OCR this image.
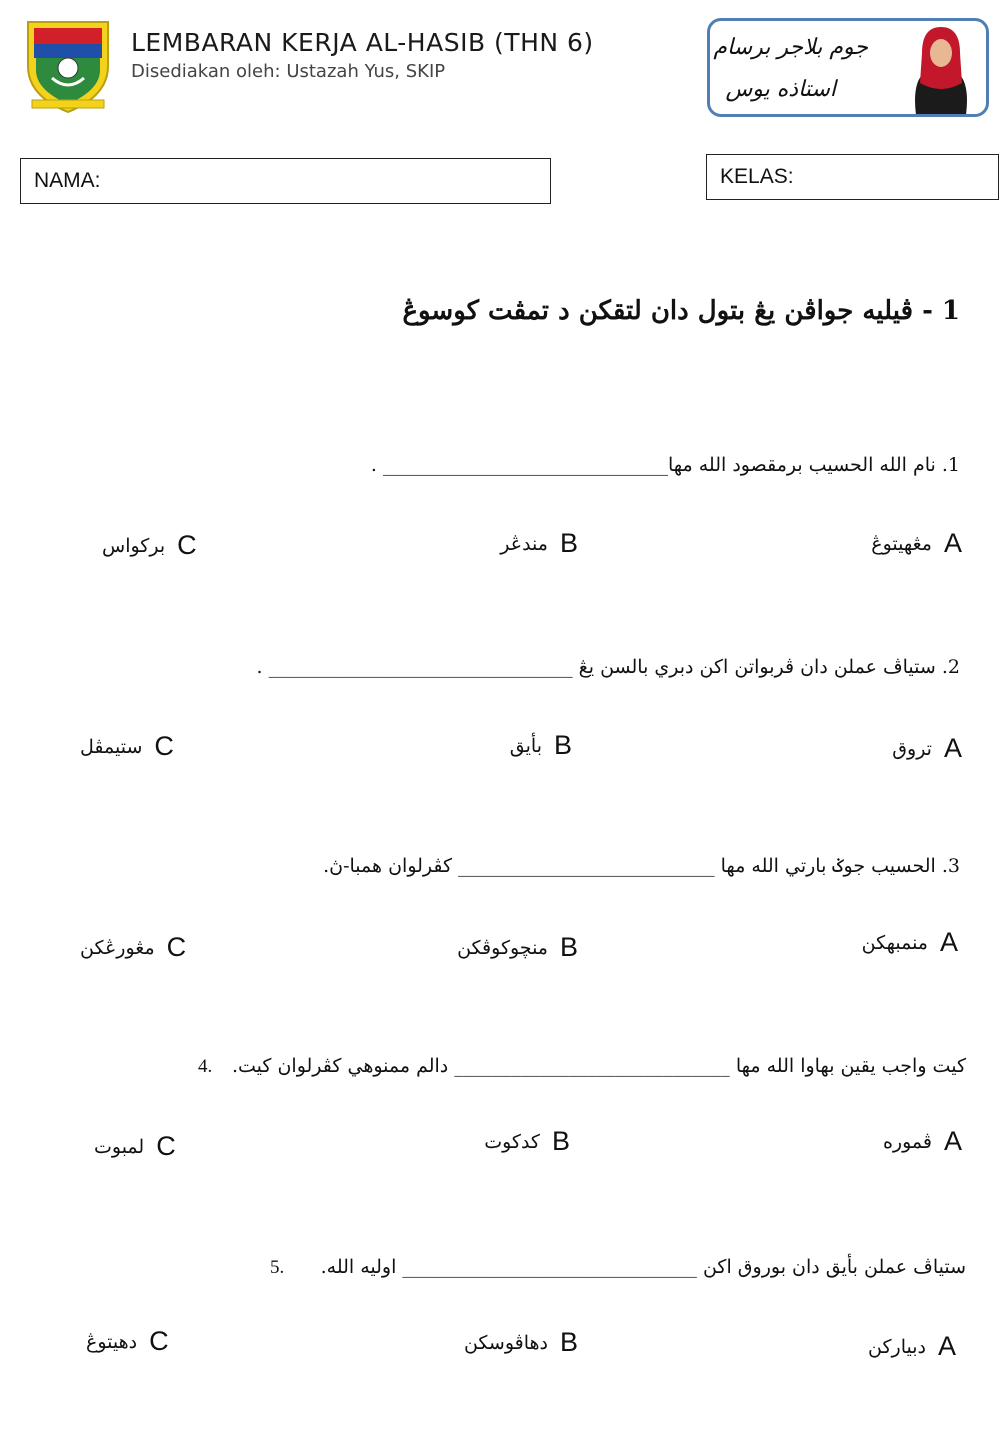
LEMBARAN KERJA AL-HASIB (THN 6)
Disediakan oleh: Ustazah Yus, SKIP
جوم بلاجر برسام
استاذه يوس
NAMA:	KELAS:
1 - ڤيليه جواڤن يڠ بتول دان لتقكن د تمڤت كوسوڠ
1. نام الله الحسيب برمقصود الله مها______________________________ .
مڠهيتوڠ A
مندڠر B
برکواس C
2. ستياڤ عملن دان ڤربواتن اكن دبري بالسن يڠ ________________________________ .
تروق A
بأيق B
ستيمڤل C
3. الحسيب جوݢ بارتي الله مها ___________________________ كڤرلوان همبا-ڽ.
منمبهکن A
منچوکوڤکن B
مڠورڠکن C
کيت واجب يقين بهاوا الله مها _____________________________ دالم ممنوهي كڤرلوان کيت.
4.
ڤموره A
کدکوت B
لمبوت C
ستياڤ عملن بأيق دان بوروق اکن _______________________________ اوليه الله.
5.
دبيارکن A
دهاڤوسکن B
دهيتوڠ C
